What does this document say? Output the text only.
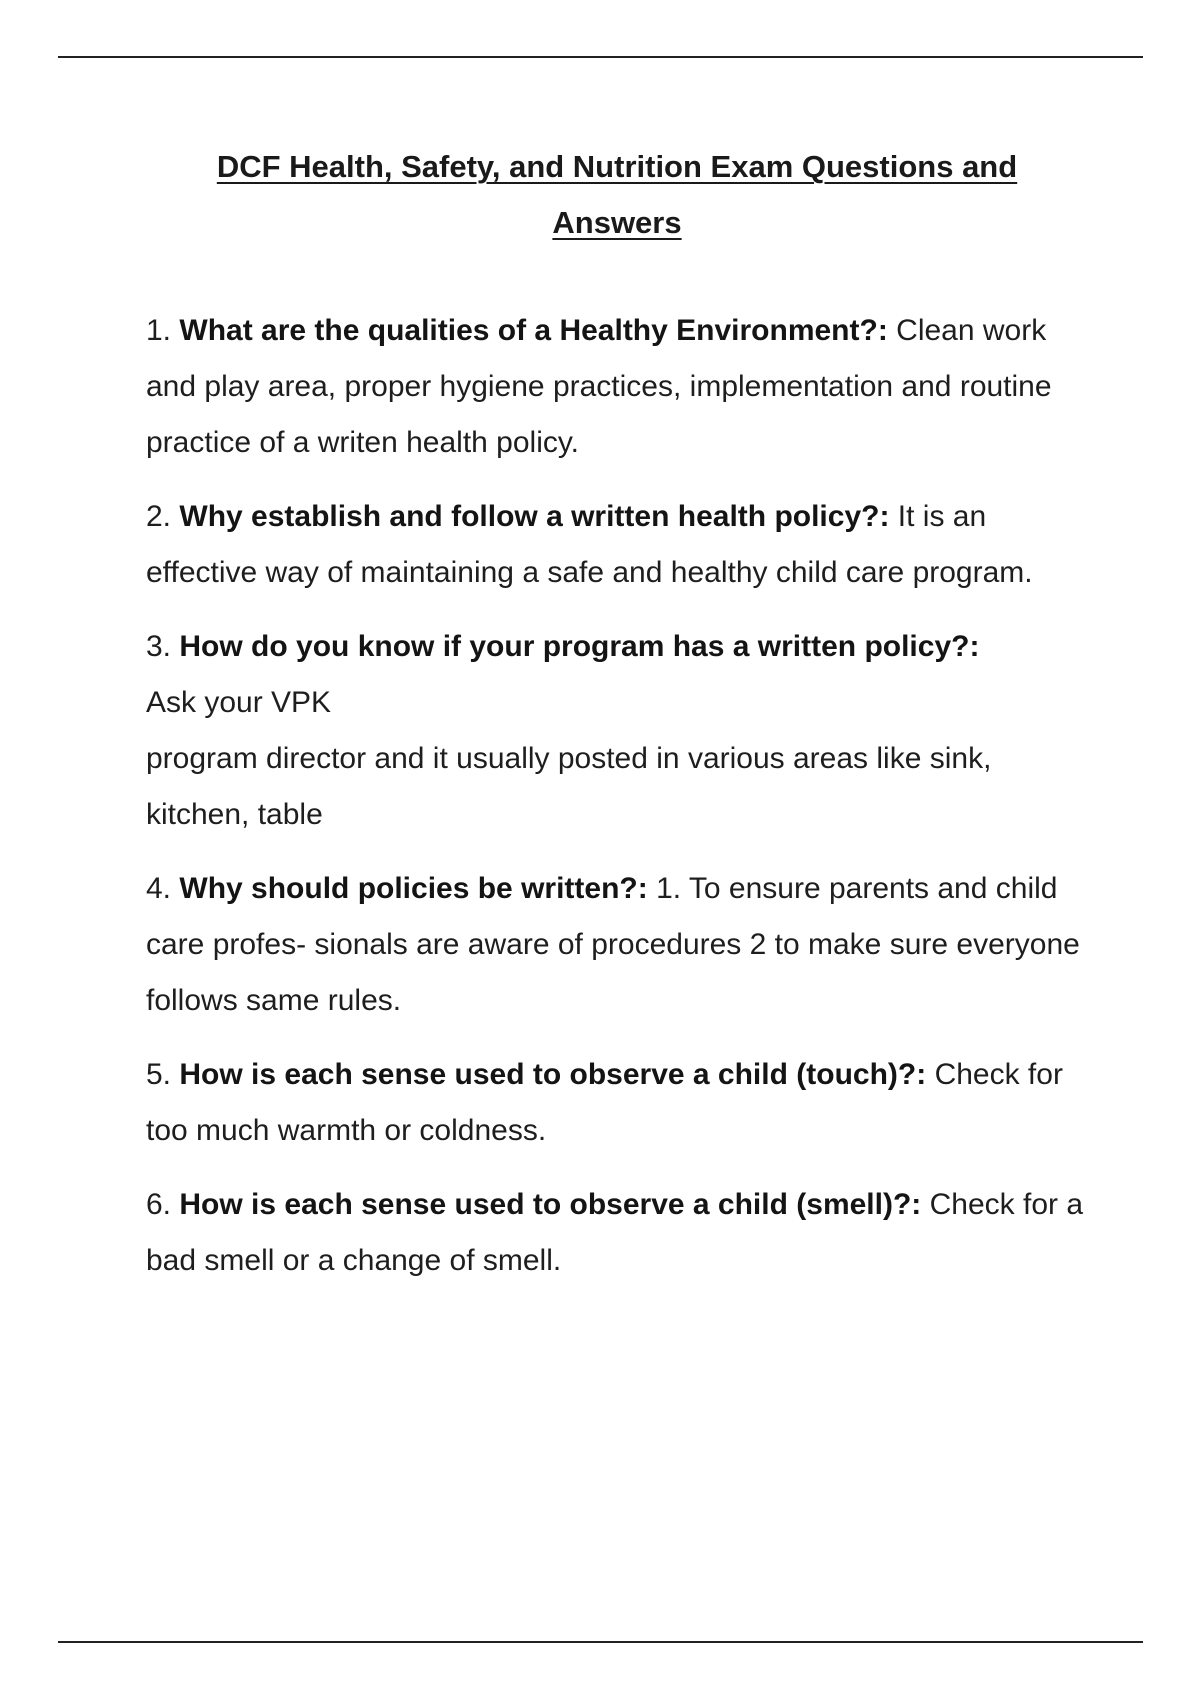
DCF Health, Safety, and Nutrition Exam Questions and
Answers
1. What are the qualities of a Healthy Environment?: Clean work and play area, proper hygiene practices, implementation and routine practice of a writen health policy.
2. Why establish and follow a written health policy?: It is an effective way of maintaining a safe and healthy child care program.
3. How do you know if your program has a written policy?:
Ask your VPK
program director and it usually posted in various areas like sink, kitchen, table
4. Why should policies be written?: 1. To ensure parents and child care profes- sionals are aware of procedures 2 to make sure everyone follows same rules.
5. How is each sense used to observe a child (touch)?: Check for too much warmth or coldness.
6. How is each sense used to observe a child (smell)?: Check for a bad smell or a change of smell.
